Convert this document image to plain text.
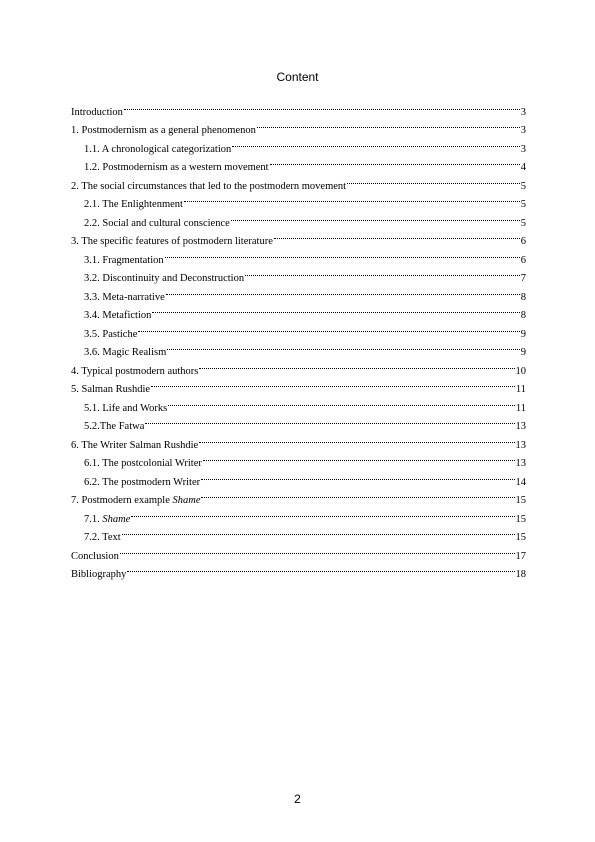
Content
Introduction	3
1. Postmodernism as a general phenomenon	3
1.1. A chronological categorization	3
1.2. Postmodernism as a western movement	4
2. The social circumstances that led to the postmodern movement	5
2.1. The Enlightenment	5
2.2. Social and cultural conscience	5
3. The specific features of postmodern literature	6
3.1. Fragmentation	6
3.2. Discontinuity and Deconstruction	7
3.3. Meta-narrative	8
3.4. Metafiction	8
3.5. Pastiche	9
3.6. Magic Realism	9
4. Typical postmodern authors	10
5. Salman Rushdie	11
5.1. Life and Works	11
5.2.The Fatwa	13
6. The Writer Salman Rushdie	13
6.1. The postcolonial Writer	13
6.2. The postmodern Writer	14
7. Postmodern example Shame	15
7.1. Shame	15
7.2. Text	15
Conclusion	17
Bibliography	18
2
